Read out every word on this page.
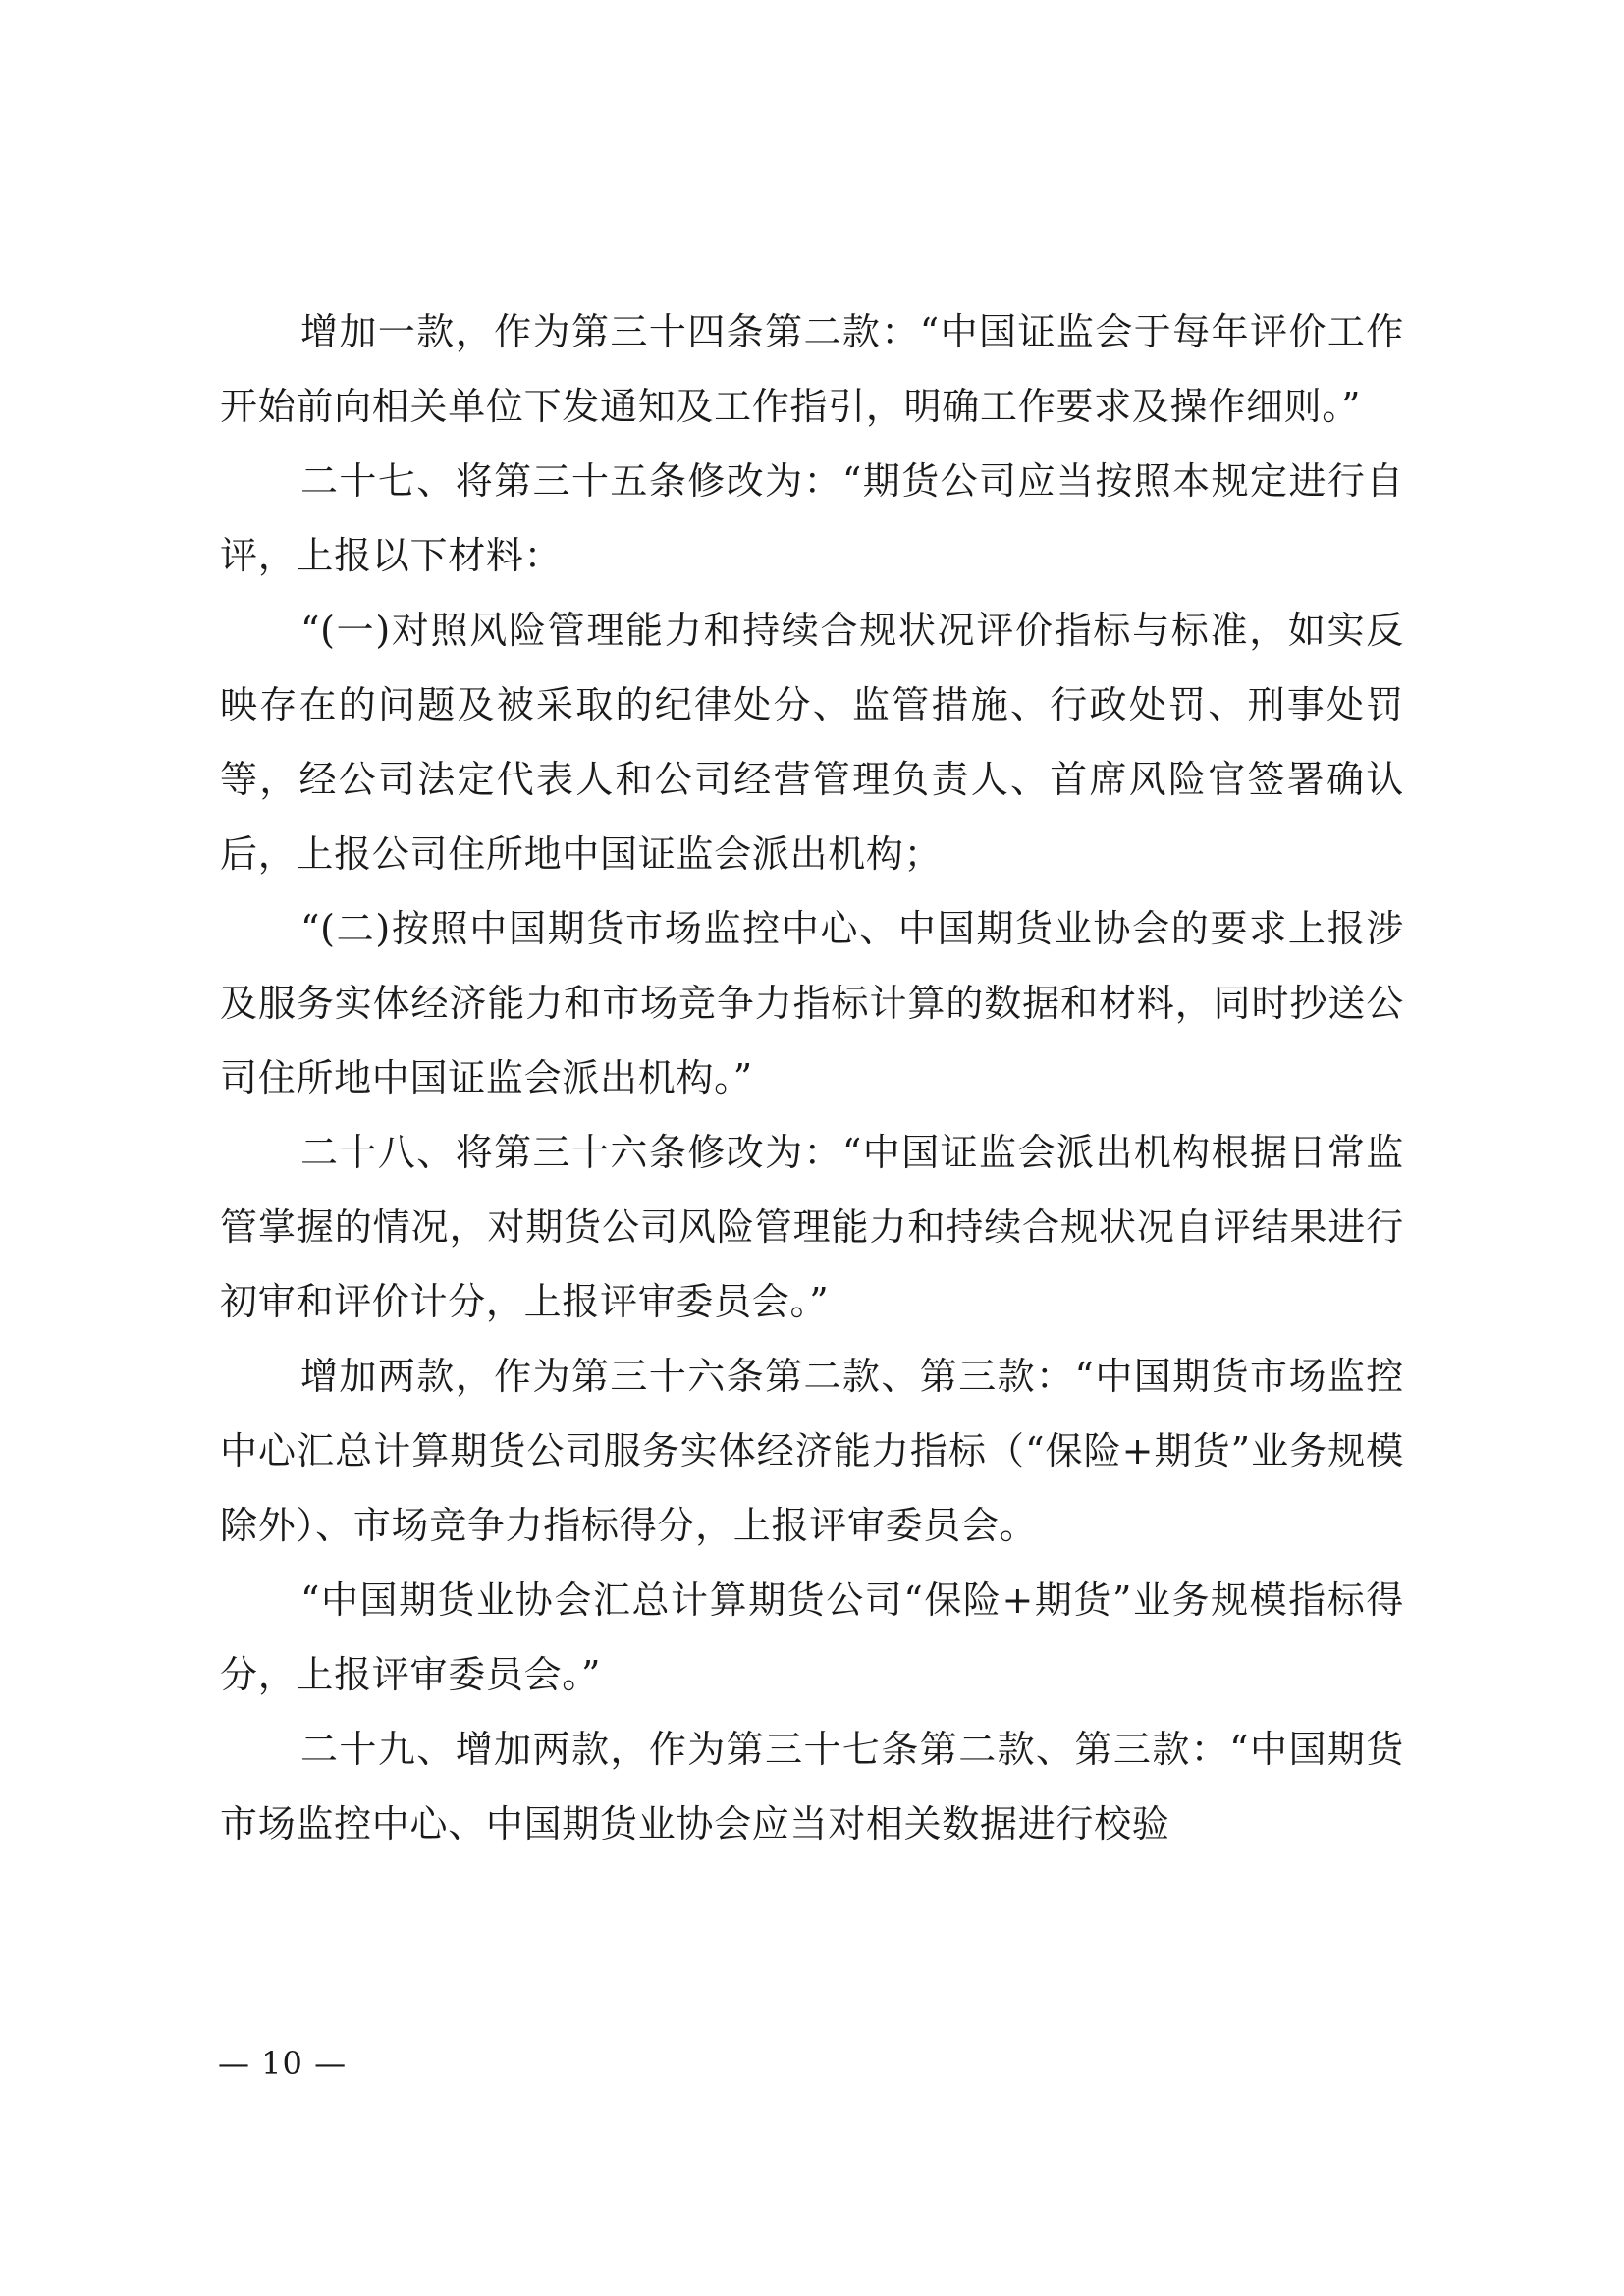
增加一款，作为第三十四条第二款：“中国证监会于每年评价工作开始前向相关单位下发通知及工作指引，明确工作要求及操作细则。”

二十七、将第三十五条修改为：“期货公司应当按照本规定进行自评，上报以下材料：

“(一)对照风险管理能力和持续合规状况评价指标与标准，如实反映存在的问题及被采取的纪律处分、监管措施、行政处罚、刑事处罚等，经公司法定代表人和公司经营管理负责人、首席风险官签署确认后，上报公司住所地中国证监会派出机构；

“(二)按照中国期货市场监控中心、中国期货业协会的要求上报涉及服务实体经济能力和市场竞争力指标计算的数据和材料，同时抄送公司住所地中国证监会派出机构。”

二十八、将第三十六条修改为：“中国证监会派出机构根据日常监管掌握的情况，对期货公司风险管理能力和持续合规状况自评结果进行初审和评价计分，上报评审委员会。”

增加两款，作为第三十六条第二款、第三款：“中国期货市场监控中心汇总计算期货公司服务实体经济能力指标（“保险+期货”业务规模除外）、市场竞争力指标得分，上报评审委员会。

“中国期货业协会汇总计算期货公司“保险+期货”业务规模指标得分，上报评审委员会。”

二十九、增加两款，作为第三十七条第二款、第三款：“中国期货市场监控中心、中国期货业协会应当对相关数据进行校验

— 10 —
